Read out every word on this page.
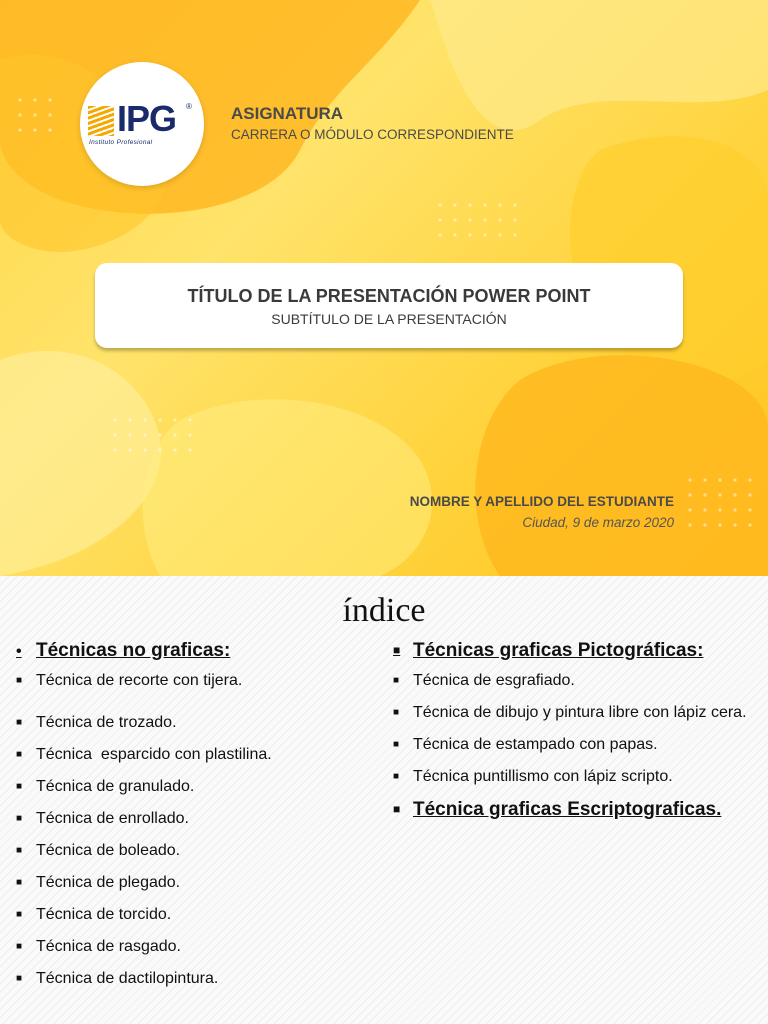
IPG ®
Instituto Profesional
ASIGNATURA
CARRERA O MÓDULO CORRESPONDIENTE
TÍTULO DE LA PRESENTACIÓN POWER POINT
SUBTÍTULO DE LA PRESENTACIÓN
NOMBRE Y APELLIDO DEL ESTUDIANTE
Ciudad, 9 de marzo 2020
índice
• Técnicas no graficas:
■ Técnica de recorte con tijera.
■ Técnica de trozado.
■ Técnica  esparcido con plastilina.
■ Técnica de granulado.
■ Técnica de enrollado.
■ Técnica de boleado.
■ Técnica de plegado.
■ Técnica de torcido.
■ Técnica de rasgado.
■ Técnica de dactilopintura.
■ Técnicas graficas Pictográficas:
■ Técnica de esgrafiado.
■ Técnica de dibujo y pintura libre con lápiz cera.
■ Técnica de estampado con papas.
■ Técnica puntillismo con lápiz scripto.
■ Técnica graficas Escriptograficas.
